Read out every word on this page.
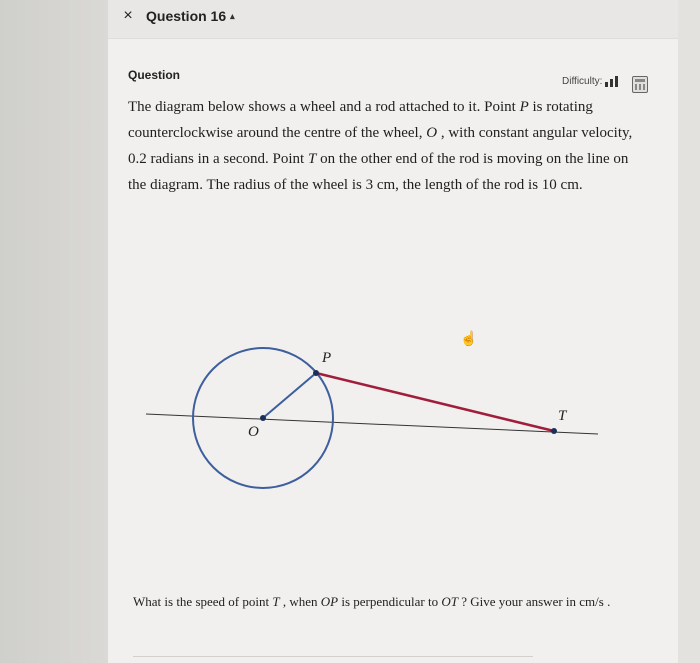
× Question 16 ▴
Question	Difficulty:
The diagram below shows a wheel and a rod attached to it. Point P is rotating counterclockwise around the centre of the wheel, O , with constant angular velocity, 0.2 radians in a second. Point T on the other end of the rod is moving on the line on the diagram. The radius of the wheel is 3 cm, the length of the rod is 10 cm.
P
O
T
☝
What is the speed of point T , when OP is perpendicular to OT ? Give your answer in cm/s .
